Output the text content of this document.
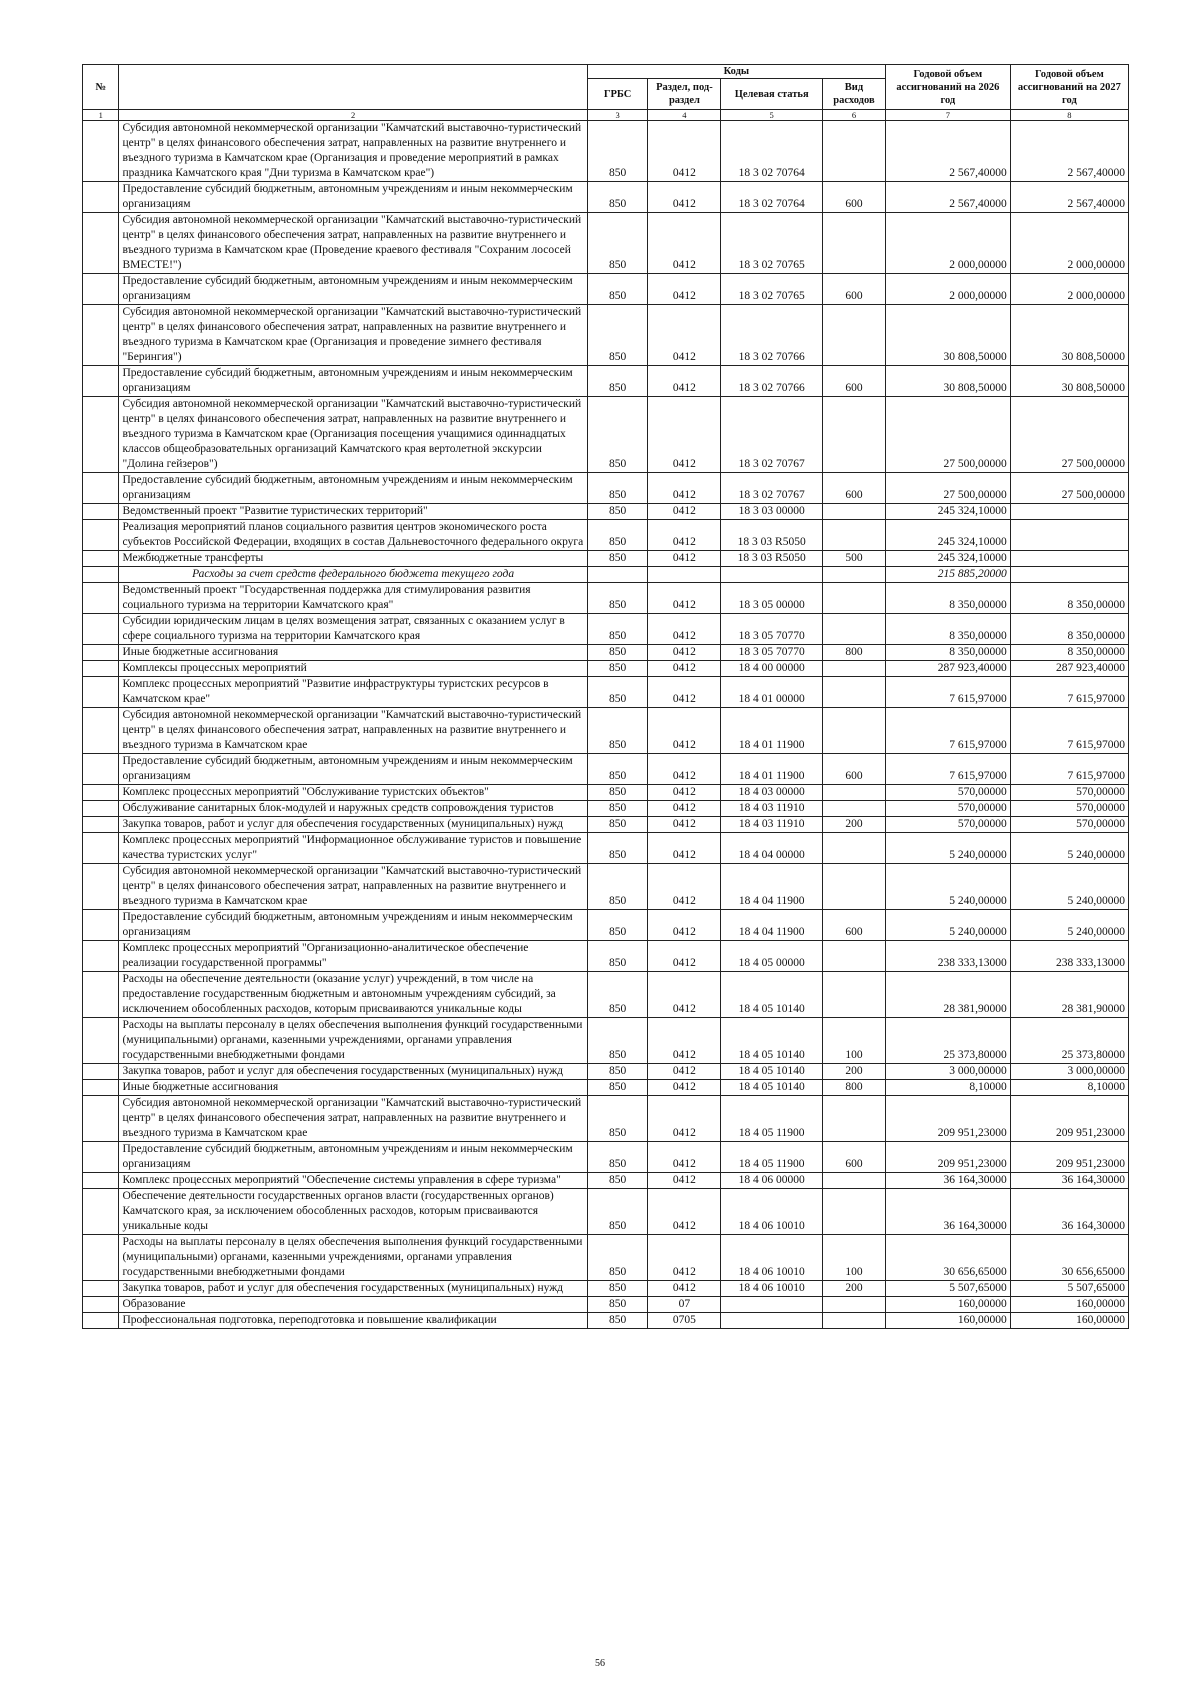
№		Коды				Годовой объем ассигнований на 2026 год	Годовой объем ассигнований на 2027 год
		ГРБС	Раздел, под-раздел	Целевая статья	Вид расходов		
1	2	3	4	5	6	7	8
	Субсидия автономной некоммерческой организации "Камчатский выставочно-туристический центр" в целях финансового обеспечения затрат, направленных на развитие внутреннего и въездного туризма в Камчатском крае (Организация и проведение мероприятий в рамках праздника Камчатского края "Дни туризма в Камчатском крае")	850	0412	18 3 02 70764		2 567,40000	2 567,40000
	Предоставление субсидий бюджетным, автономным учреждениям и иным некоммерческим организациям	850	0412	18 3 02 70764	600	2 567,40000	2 567,40000
	Субсидия автономной некоммерческой организации "Камчатский выставочно-туристический центр" в целях финансового обеспечения затрат, направленных на развитие внутреннего и въездного туризма в Камчатском крае (Проведение краевого фестиваля "Сохраним лососей ВМЕСТЕ!")	850	0412	18 3 02 70765		2 000,00000	2 000,00000
	Предоставление субсидий бюджетным, автономным учреждениям и иным некоммерческим организациям	850	0412	18 3 02 70765	600	2 000,00000	2 000,00000
	Субсидия автономной некоммерческой организации "Камчатский выставочно-туристический центр" в целях финансового обеспечения затрат, направленных на развитие внутреннего и въездного туризма в Камчатском крае (Организация и проведение зимнего фестиваля "Берингия")	850	0412	18 3 02 70766		30 808,50000	30 808,50000
	Предоставление субсидий бюджетным, автономным учреждениям и иным некоммерческим организациям	850	0412	18 3 02 70766	600	30 808,50000	30 808,50000
	Субсидия автономной некоммерческой организации "Камчатский выставочно-туристический центр" в целях финансового обеспечения затрат, направленных на развитие внутреннего и въездного туризма в Камчатском крае (Организация посещения учащимися одиннадцатых классов общеобразовательных организаций Камчатского края вертолетной экскурсии "Долина гейзеров")	850	0412	18 3 02 70767		27 500,00000	27 500,00000
	Предоставление субсидий бюджетным, автономным учреждениям и иным некоммерческим организациям	850	0412	18 3 02 70767	600	27 500,00000	27 500,00000
	Ведомственный проект "Развитие туристических территорий"	850	0412	18 3 03 00000		245 324,10000	
	Реализация мероприятий планов социального развития центров экономического роста субъектов Российской Федерации, входящих в состав Дальневосточного федерального округа	850	0412	18 3 03 R5050		245 324,10000	
	Межбюджетные трансферты	850	0412	18 3 03 R5050	500	245 324,10000	
	Расходы за счет средств федерального бюджета текущего года					215 885,20000	
	Ведомственный проект "Государственная поддержка для стимулирования развития социального туризма на территории Камчатского края"	850	0412	18 3 05 00000		8 350,00000	8 350,00000
	Субсидии юридическим лицам в целях возмещения затрат, связанных с оказанием услуг в сфере социального туризма на территории Камчатского края	850	0412	18 3 05 70770		8 350,00000	8 350,00000
	Иные бюджетные ассигнования	850	0412	18 3 05 70770	800	8 350,00000	8 350,00000
	Комплексы процессных мероприятий	850	0412	18 4 00 00000		287 923,40000	287 923,40000
	Комплекс процессных мероприятий "Развитие инфраструктуры туристских ресурсов в Камчатском крае"	850	0412	18 4 01 00000		7 615,97000	7 615,97000
	Субсидия автономной некоммерческой организации "Камчатский выставочно-туристический центр" в целях финансового обеспечения затрат, направленных на развитие внутреннего и въездного туризма в Камчатском крае	850	0412	18 4 01 11900		7 615,97000	7 615,97000
	Предоставление субсидий бюджетным, автономным учреждениям и иным некоммерческим организациям	850	0412	18 4 01 11900	600	7 615,97000	7 615,97000
	Комплекс процессных мероприятий "Обслуживание туристских объектов"	850	0412	18 4 03 00000		570,00000	570,00000
	Обслуживание санитарных блок-модулей и наружных средств сопровождения туристов	850	0412	18 4 03 11910		570,00000	570,00000
	Закупка товаров, работ и услуг для обеспечения государственных (муниципальных) нужд	850	0412	18 4 03 11910	200	570,00000	570,00000
	Комплекс процессных мероприятий "Информационное обслуживание туристов и повышение качества туристских услуг"	850	0412	18 4 04 00000		5 240,00000	5 240,00000
	Субсидия автономной некоммерческой организации "Камчатский выставочно-туристический центр" в целях финансового обеспечения затрат, направленных на развитие внутреннего и въездного туризма в Камчатском крае	850	0412	18 4 04 11900		5 240,00000	5 240,00000
	Предоставление субсидий бюджетным, автономным учреждениям и иным некоммерческим организациям	850	0412	18 4 04 11900	600	5 240,00000	5 240,00000
	Комплекс процессных мероприятий "Организационно-аналитическое обеспечение реализации государственной программы"	850	0412	18 4 05 00000		238 333,13000	238 333,13000
	Расходы на обеспечение деятельности (оказание услуг) учреждений, в том числе на предоставление государственным бюджетным и автономным учреждениям субсидий, за исключением обособленных расходов, которым присваиваются уникальные коды	850	0412	18 4 05 10140		28 381,90000	28 381,90000
	Расходы на выплаты персоналу в целях обеспечения выполнения функций государственными (муниципальными) органами, казенными учреждениями, органами управления государственными внебюджетными фондами	850	0412	18 4 05 10140	100	25 373,80000	25 373,80000
	Закупка товаров, работ и услуг для обеспечения государственных (муниципальных) нужд	850	0412	18 4 05 10140	200	3 000,00000	3 000,00000
	Иные бюджетные ассигнования	850	0412	18 4 05 10140	800	8,10000	8,10000
	Субсидия автономной некоммерческой организации "Камчатский выставочно-туристический центр" в целях финансового обеспечения затрат, направленных на развитие внутреннего и въездного туризма в Камчатском крае	850	0412	18 4 05 11900		209 951,23000	209 951,23000
	Предоставление субсидий бюджетным, автономным учреждениям и иным некоммерческим организациям	850	0412	18 4 05 11900	600	209 951,23000	209 951,23000
	Комплекс процессных мероприятий "Обеспечение системы управления в сфере туризма"	850	0412	18 4 06 00000		36 164,30000	36 164,30000
	Обеспечение деятельности государственных органов власти (государственных органов) Камчатского края, за исключением обособленных расходов, которым присваиваются уникальные коды	850	0412	18 4 06 10010		36 164,30000	36 164,30000
	Расходы на выплаты персоналу в целях обеспечения выполнения функций государственными (муниципальными) органами, казенными учреждениями, органами управления государственными внебюджетными фондами	850	0412	18 4 06 10010	100	30 656,65000	30 656,65000
	Закупка товаров, работ и услуг для обеспечения государственных (муниципальных) нужд	850	0412	18 4 06 10010	200	5 507,65000	5 507,65000
	Образование	850	07			160,00000	160,00000
	Профессиональная подготовка, переподготовка и повышение квалификации	850	0705			160,00000	160,00000
56
